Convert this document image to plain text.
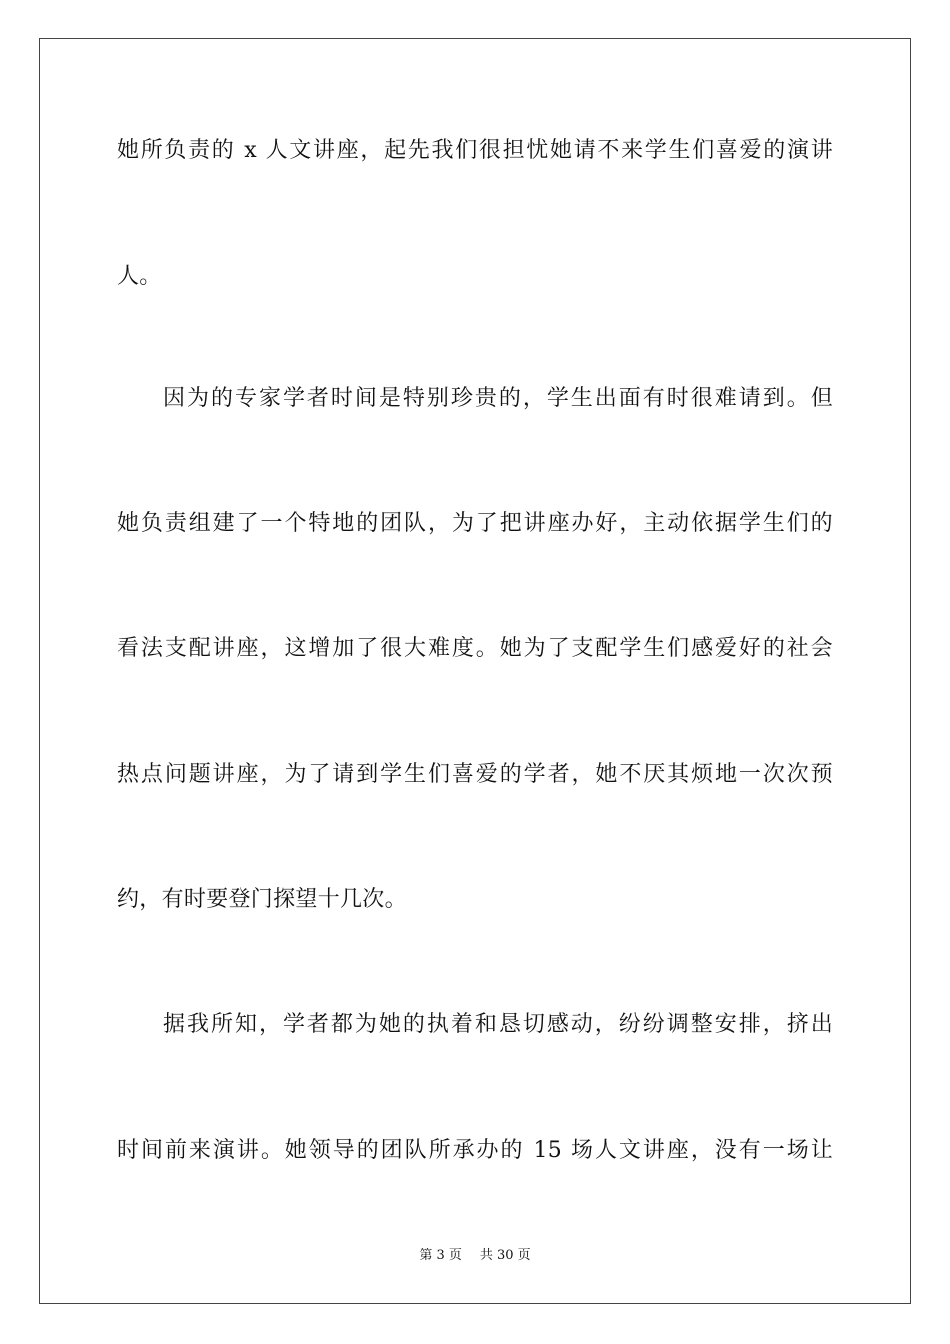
她所负责的 x 人文讲座，起先我们很担忧她请不来学生们喜爱的演讲
人。
因为的专家学者时间是特别珍贵的，学生出面有时很难请到。但
她负责组建了一个特地的团队，为了把讲座办好，主动依据学生们的
看法支配讲座，这增加了很大难度。她为了支配学生们感爱好的社会
热点问题讲座，为了请到学生们喜爱的学者，她不厌其烦地一次次预
约，有时要登门探望十几次。
据我所知，学者都为她的执着和恳切感动，纷纷调整安排，挤出
时间前来演讲。她领导的团队所承办的 15 场人文讲座，没有一场让
第 3 页 共 30 页
